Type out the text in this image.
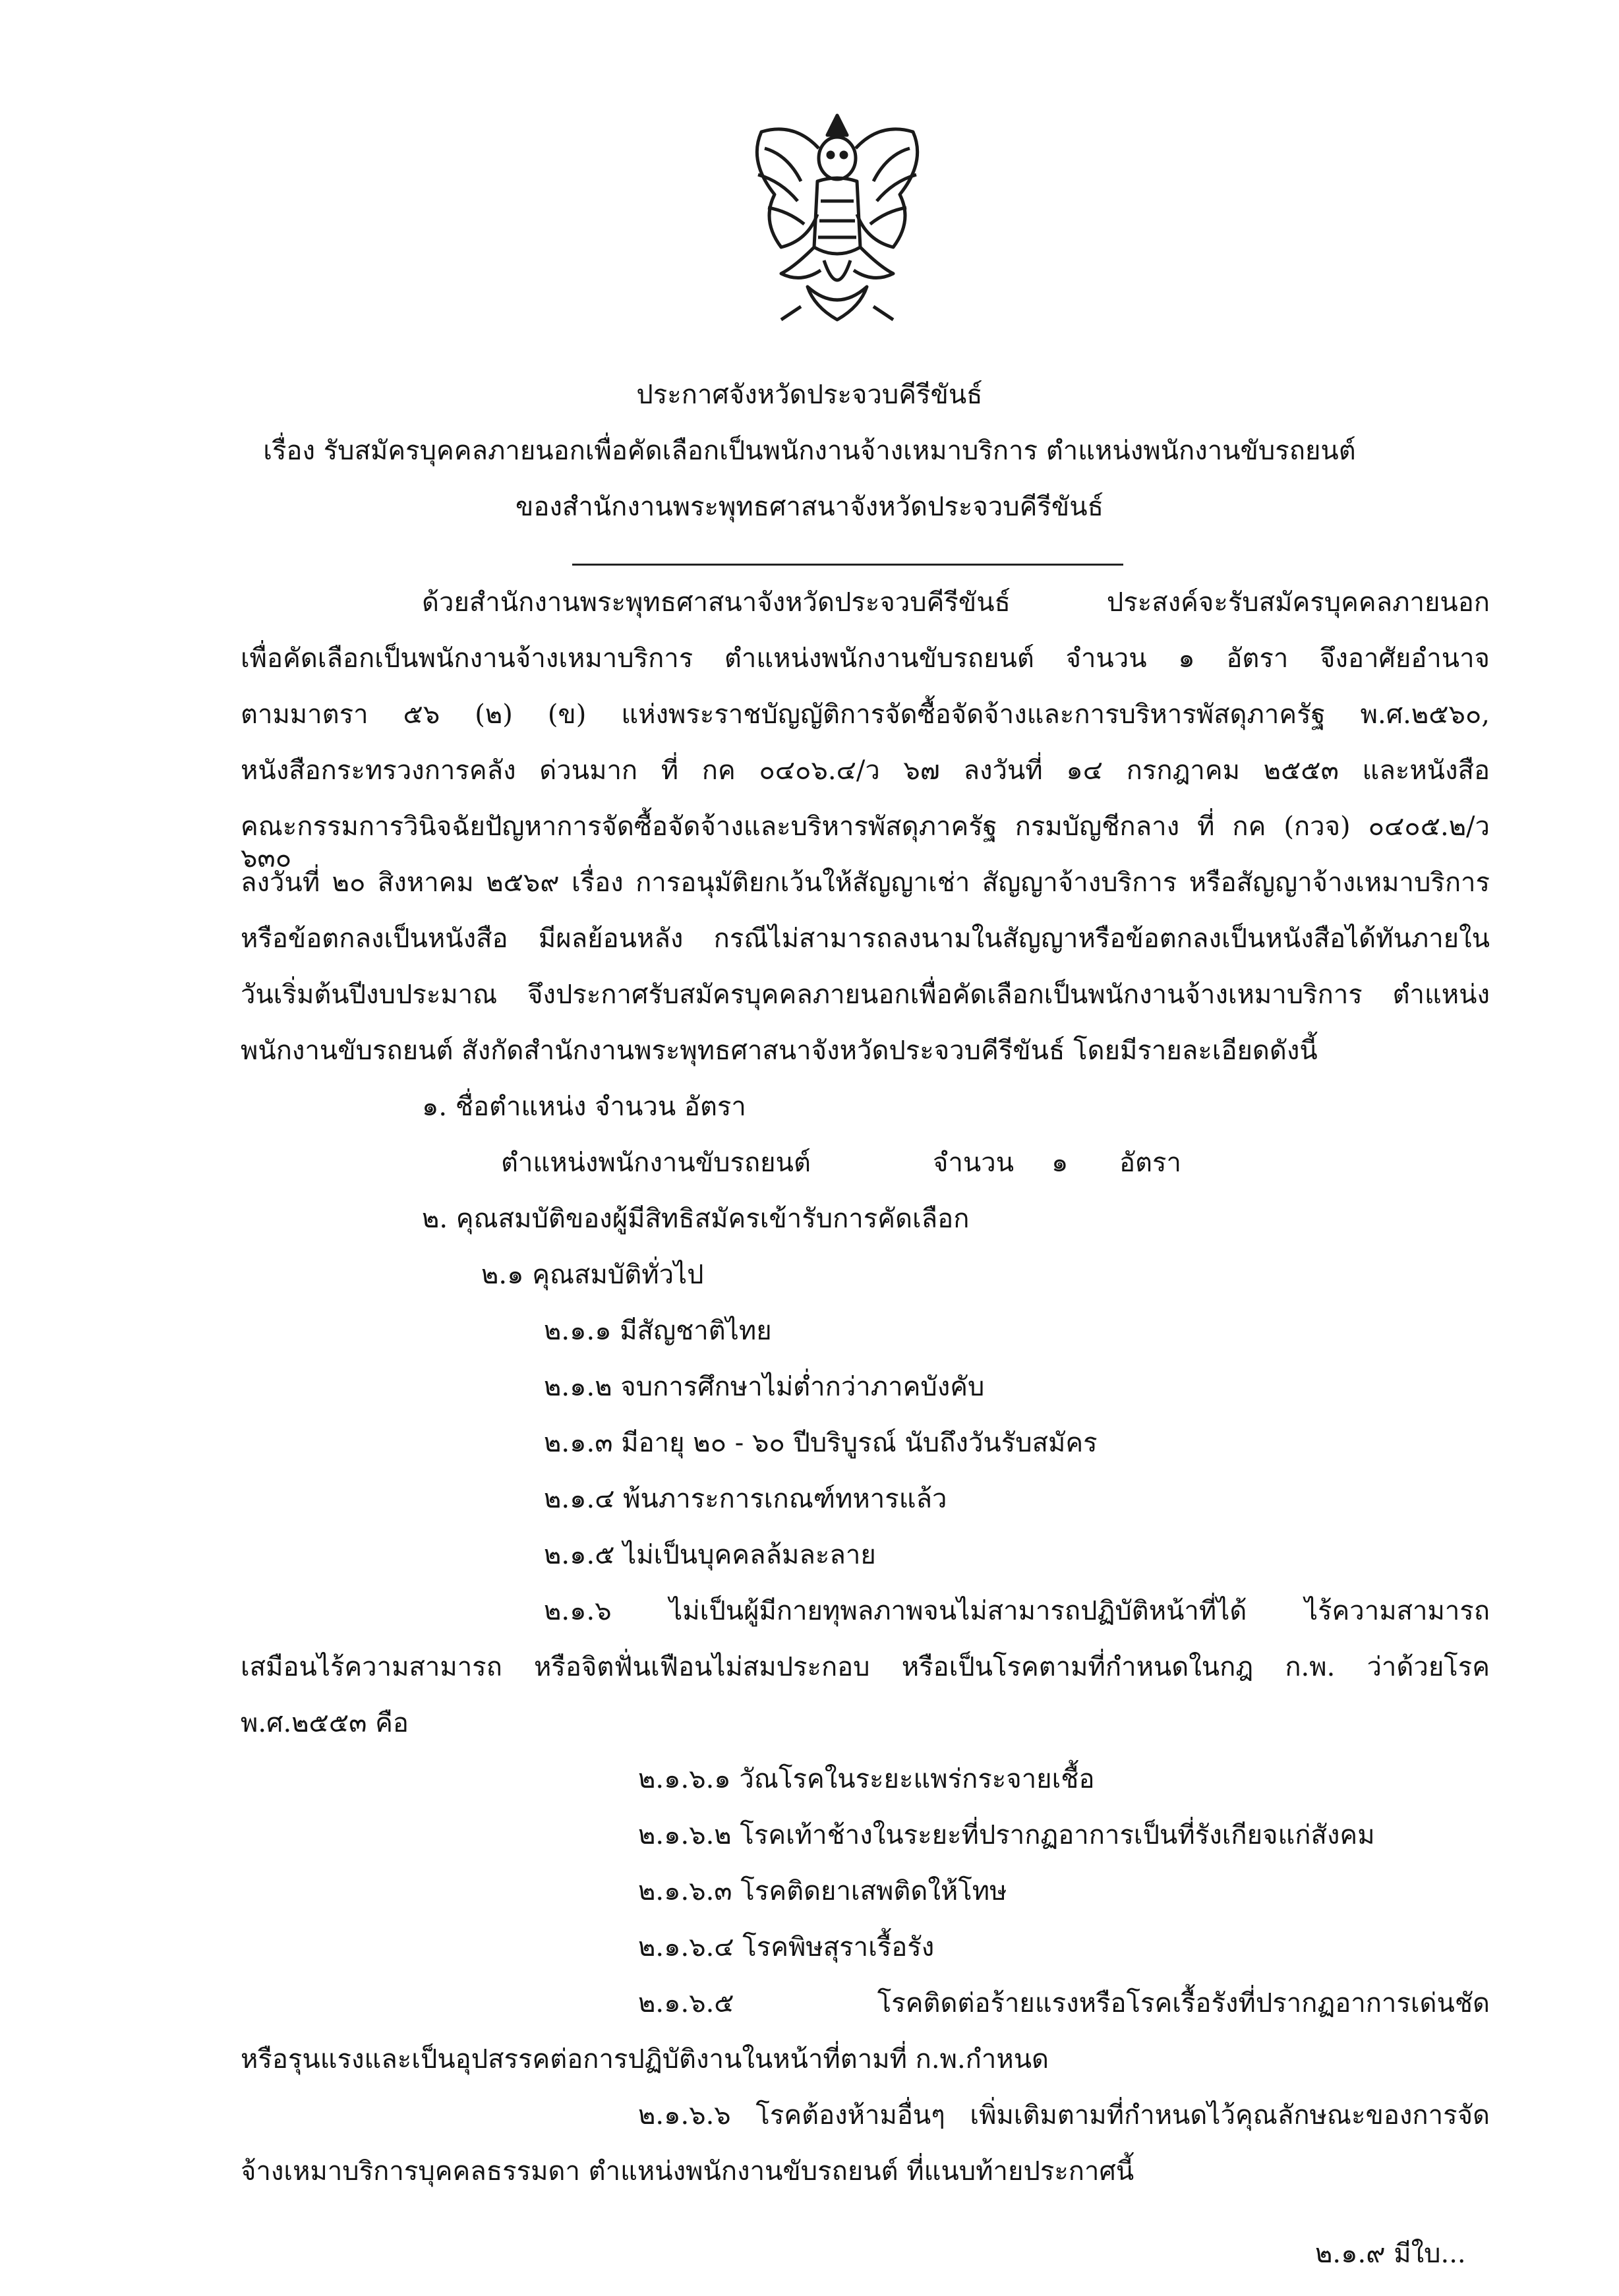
ประกาศจังหวัดประจวบคีรีขันธ์
เรื่อง รับสมัครบุคคลภายนอกเพื่อคัดเลือกเป็นพนักงานจ้างเหมาบริการ ตำแหน่งพนักงานขับรถยนต์
ของสำนักงานพระพุทธศาสนาจังหวัดประจวบคีรีขันธ์
ด้วยสำนักงานพระพุทธศาสนาจังหวัดประจวบคีรีขันธ์ ประสงค์จะรับสมัครบุคคลภายนอก
เพื่อคัดเลือกเป็นพนักงานจ้างเหมาบริการ ตำแหน่งพนักงานขับรถยนต์ จำนวน ๑ อัตรา จึงอาศัยอำนาจ
ตามมาตรา ๕๖ (๒) (ข) แห่งพระราชบัญญัติการจัดซื้อจัดจ้างและการบริหารพัสดุภาครัฐ พ.ศ.๒๕๖๐,
หนังสือกระทรวงการคลัง ด่วนมาก ที่ กค ๐๔๐๖.๔/ว ๖๗ ลงวันที่ ๑๔ กรกฎาคม ๒๕๕๓ และหนังสือ
คณะกรรมการวินิจฉัยปัญหาการจัดซื้อจัดจ้างและบริหารพัสดุภาครัฐ กรมบัญชีกลาง ที่ กค (กวจ) ๐๔๐๕.๒/ว ๖๓๐
ลงวันที่ ๒๐ สิงหาคม ๒๕๖๙ เรื่อง การอนุมัติยกเว้นให้สัญญาเช่า สัญญาจ้างบริการ หรือสัญญาจ้างเหมาบริการ
หรือข้อตกลงเป็นหนังสือ มีผลย้อนหลัง กรณีไม่สามารถลงนามในสัญญาหรือข้อตกลงเป็นหนังสือได้ทันภายใน
วันเริ่มต้นปีงบประมาณ จึงประกาศรับสมัครบุคคลภายนอกเพื่อคัดเลือกเป็นพนักงานจ้างเหมาบริการ ตำแหน่ง
พนักงานขับรถยนต์ สังกัดสำนักงานพระพุทธศาสนาจังหวัดประจวบคีรีขันธ์ โดยมีรายละเอียดดังนี้
๑. ชื่อตำแหน่ง จำนวน อัตรา
ตำแหน่งพนักงานขับรถยนต์	จำนวน ๑ อัตรา
๒. คุณสมบัติของผู้มีสิทธิสมัครเข้ารับการคัดเลือก
๒.๑ คุณสมบัติทั่วไป
๒.๑.๑ มีสัญชาติไทย
๒.๑.๒ จบการศึกษาไม่ต่ำกว่าภาคบังคับ
๒.๑.๓ มีอายุ ๒๐ - ๖๐ ปีบริบูรณ์ นับถึงวันรับสมัคร
๒.๑.๔ พ้นภาระการเกณฑ์ทหารแล้ว
๒.๑.๕ ไม่เป็นบุคคลล้มละลาย
๒.๑.๖ ไม่เป็นผู้มีกายทุพลภาพจนไม่สามารถปฏิบัติหน้าที่ได้ ไร้ความสามารถ
เสมือนไร้ความสามารถ หรือจิตฟั่นเฟือนไม่สมประกอบ หรือเป็นโรคตามที่กำหนดในกฎ ก.พ. ว่าด้วยโรค
พ.ศ.๒๕๕๓ คือ
๒.๑.๖.๑ วัณโรคในระยะแพร่กระจายเชื้อ
๒.๑.๖.๒ โรคเท้าช้างในระยะที่ปรากฏอาการเป็นที่รังเกียจแก่สังคม
๒.๑.๖.๓ โรคติดยาเสพติดให้โทษ
๒.๑.๖.๔ โรคพิษสุราเรื้อรัง
๒.๑.๖.๕ โรคติดต่อร้ายแรงหรือโรคเรื้อรังที่ปรากฏอาการเด่นชัด
หรือรุนแรงและเป็นอุปสรรคต่อการปฏิบัติงานในหน้าที่ตามที่ ก.พ.กำหนด
๒.๑.๖.๖ โรคต้องห้ามอื่นๆ เพิ่มเติมตามที่กำหนดไว้คุณลักษณะของการจัด
จ้างเหมาบริการบุคคลธรรมดา ตำแหน่งพนักงานขับรถยนต์ ที่แนบท้ายประกาศนี้
๒.๑.๙ มีใบ...
